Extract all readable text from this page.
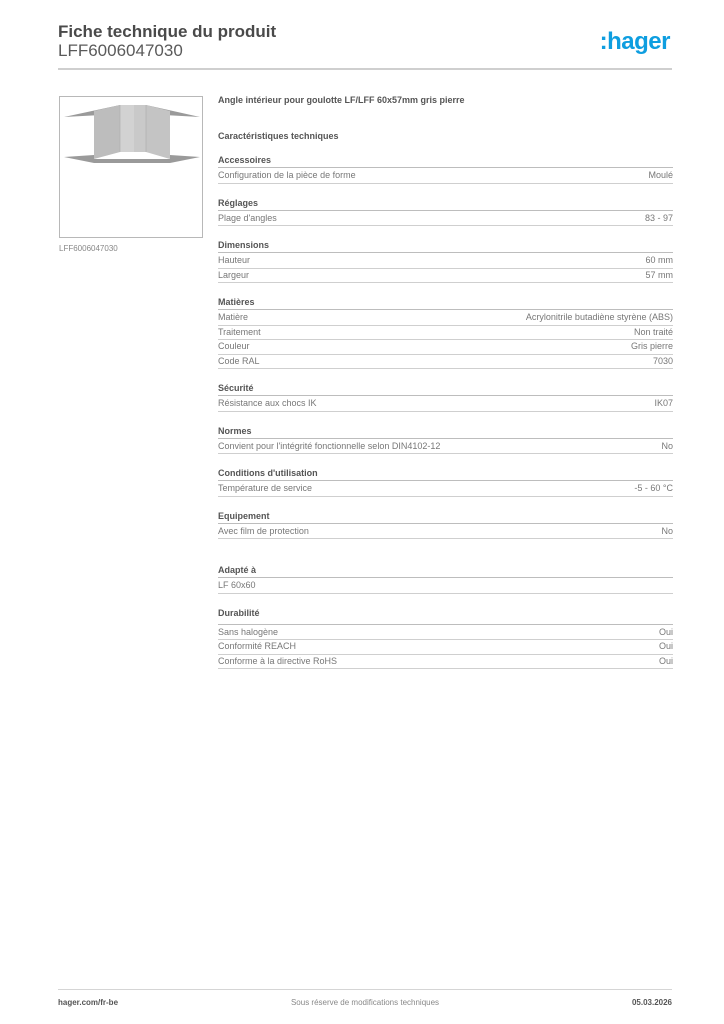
Fiche technique du produit
LFF6006047030	:hager
LFF6006047030
Angle intérieur pour goulotte LF/LFF 60x57mm gris pierre
Caractéristiques techniques
Accessoires
Configuration de la pièce de forme	Moulé
Réglages
Plage d'angles	83 - 97
Dimensions
Hauteur	60 mm
Largeur	57 mm
Matières
Matière	Acrylonitrile butadiène styrène (ABS)
Traitement	Non traité
Couleur	Gris pierre
Code RAL	7030
Sécurité
Résistance aux chocs IK	IK07
Normes
Convient pour l'intégrité fonctionnelle selon DIN4102-12	No
Conditions d'utilisation
Température de service	-5 - 60 °C
Equipement
Avec film de protection	No
Adapté à
LF 60x60
Durabilité
Sans halogène	Oui
Conformité REACH	Oui
Conforme à la directive RoHS	Oui
hager.com/fr-be	Sous réserve de modifications techniques	05.03.2026
